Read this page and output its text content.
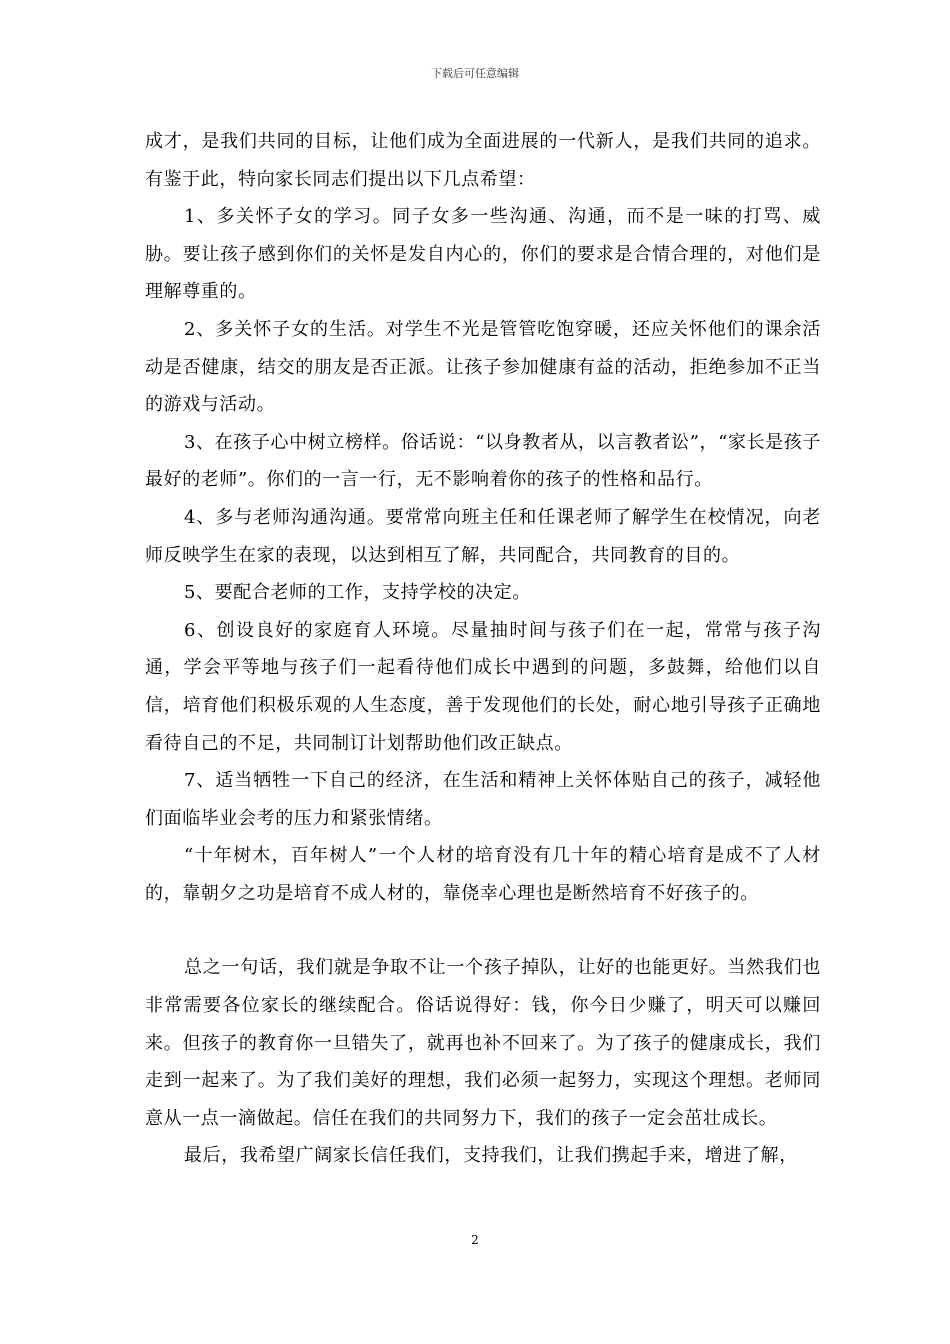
下载后可任意编辑

成才，是我们共同的目标，让他们成为全面进展的一代新人，是我们共同的追求。有鉴于此，特向家长同志们提出以下几点希望：

1、多关怀子女的学习。同子女多一些沟通、沟通，而不是一味的打骂、威胁。要让孩子感到你们的关怀是发自内心的，你们的要求是合情合理的，对他们是理解尊重的。

2、多关怀子女的生活。对学生不光是管管吃饱穿暖，还应关怀他们的课余活动是否健康，结交的朋友是否正派。让孩子参加健康有益的活动，拒绝参加不正当的游戏与活动。

3、在孩子心中树立榜样。俗话说：“以身教者从，以言教者讼”，“家长是孩子最好的老师”。你们的一言一行，无不影响着你的孩子的性格和品行。

4、多与老师沟通沟通。要常常向班主任和任课老师了解学生在校情况，向老师反映学生在家的表现，以达到相互了解，共同配合，共同教育的目的。

5、要配合老师的工作，支持学校的决定。

6、创设良好的家庭育人环境。尽量抽时间与孩子们在一起，常常与孩子沟通，学会平等地与孩子们一起看待他们成长中遇到的问题，多鼓舞，给他们以自信，培育他们积极乐观的人生态度，善于发现他们的长处，耐心地引导孩子正确地看待自己的不足，共同制订计划帮助他们改正缺点。

7、适当牺牲一下自己的经济，在生活和精神上关怀体贴自己的孩子，减轻他们面临毕业会考的压力和紧张情绪。

“十年树木，百年树人”一个人材的培育没有几十年的精心培育是成不了人材的，靠朝夕之功是培育不成人材的，靠侥幸心理也是断然培育不好孩子的。

总之一句话，我们就是争取不让一个孩子掉队，让好的也能更好。当然我们也非常需要各位家长的继续配合。俗话说得好：钱，你今日少赚了，明天可以赚回来。但孩子的教育你一旦错失了，就再也补不回来了。为了孩子的健康成长，我们走到一起来了。为了我们美好的理想，我们必须一起努力，实现这个理想。老师同意从一点一滴做起。信任在我们的共同努力下，我们的孩子一定会茁壮成长。

最后，我希望广阔家长信任我们，支持我们，让我们携起手来，增进了解，

2
